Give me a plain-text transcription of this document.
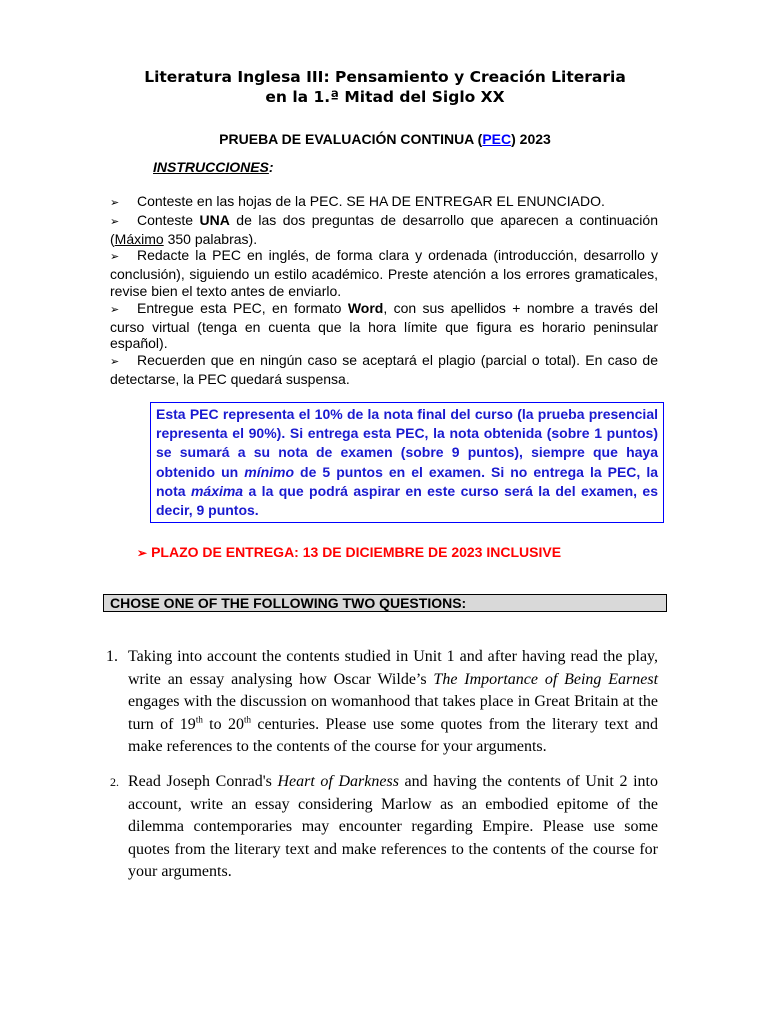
Literatura Inglesa III: Pensamiento y Creación Literaria
en la 1.ª Mitad del Siglo XX
PRUEBA DE EVALUACIÓN CONTINUA (PEC) 2023
INSTRUCCIONES:

➢ Conteste en las hojas de la PEC. SE HA DE ENTREGAR EL ENUNCIADO.

➢ Conteste UNA de las dos preguntas de desarrollo que aparecen a continuación (Máximo 350 palabras).

➢ Redacte la PEC en inglés, de forma clara y ordenada (introducción, desarrollo y conclusión), siguiendo un estilo académico. Preste atención a los errores gramaticales, revise bien el texto antes de enviarlo.

➢ Entregue esta PEC, en formato Word, con sus apellidos + nombre a través del curso virtual (tenga en cuenta que la hora límite que figura es horario peninsular español).

➢ Recuerden que en ningún caso se aceptará el plagio (parcial o total). En caso de detectarse, la PEC quedará suspensa.

Esta PEC representa el 10% de la nota final del curso (la prueba presencial representa el 90%). Si entrega esta PEC, la nota obtenida (sobre 1 puntos) se sumará a su nota de examen (sobre 9 puntos), siempre que haya obtenido un mínimo de 5 puntos en el examen. Si no entrega la PEC, la nota máxima a la que podrá aspirar en este curso será la del examen, es decir, 9 puntos.
➢ PLAZO DE ENTREGA: 13 DE DICIEMBRE DE 2023 INCLUSIVE
CHOSE ONE OF THE FOLLOWING TWO QUESTIONS:
1. Taking into account the contents studied in Unit 1 and after having read the play, write an essay analysing how Oscar Wilde’s The Importance of Being Earnest engages with the discussion on womanhood that takes place in Great Britain at the turn of 19th to 20th centuries. Please use some quotes from the literary text and make references to the contents of the course for your arguments.
2. Read Joseph Conrad's Heart of Darkness and having the contents of Unit 2 into account, write an essay considering Marlow as an embodied epitome of the dilemma contemporaries may encounter regarding Empire. Please use some quotes from the literary text and make references to the contents of the course for your arguments.
